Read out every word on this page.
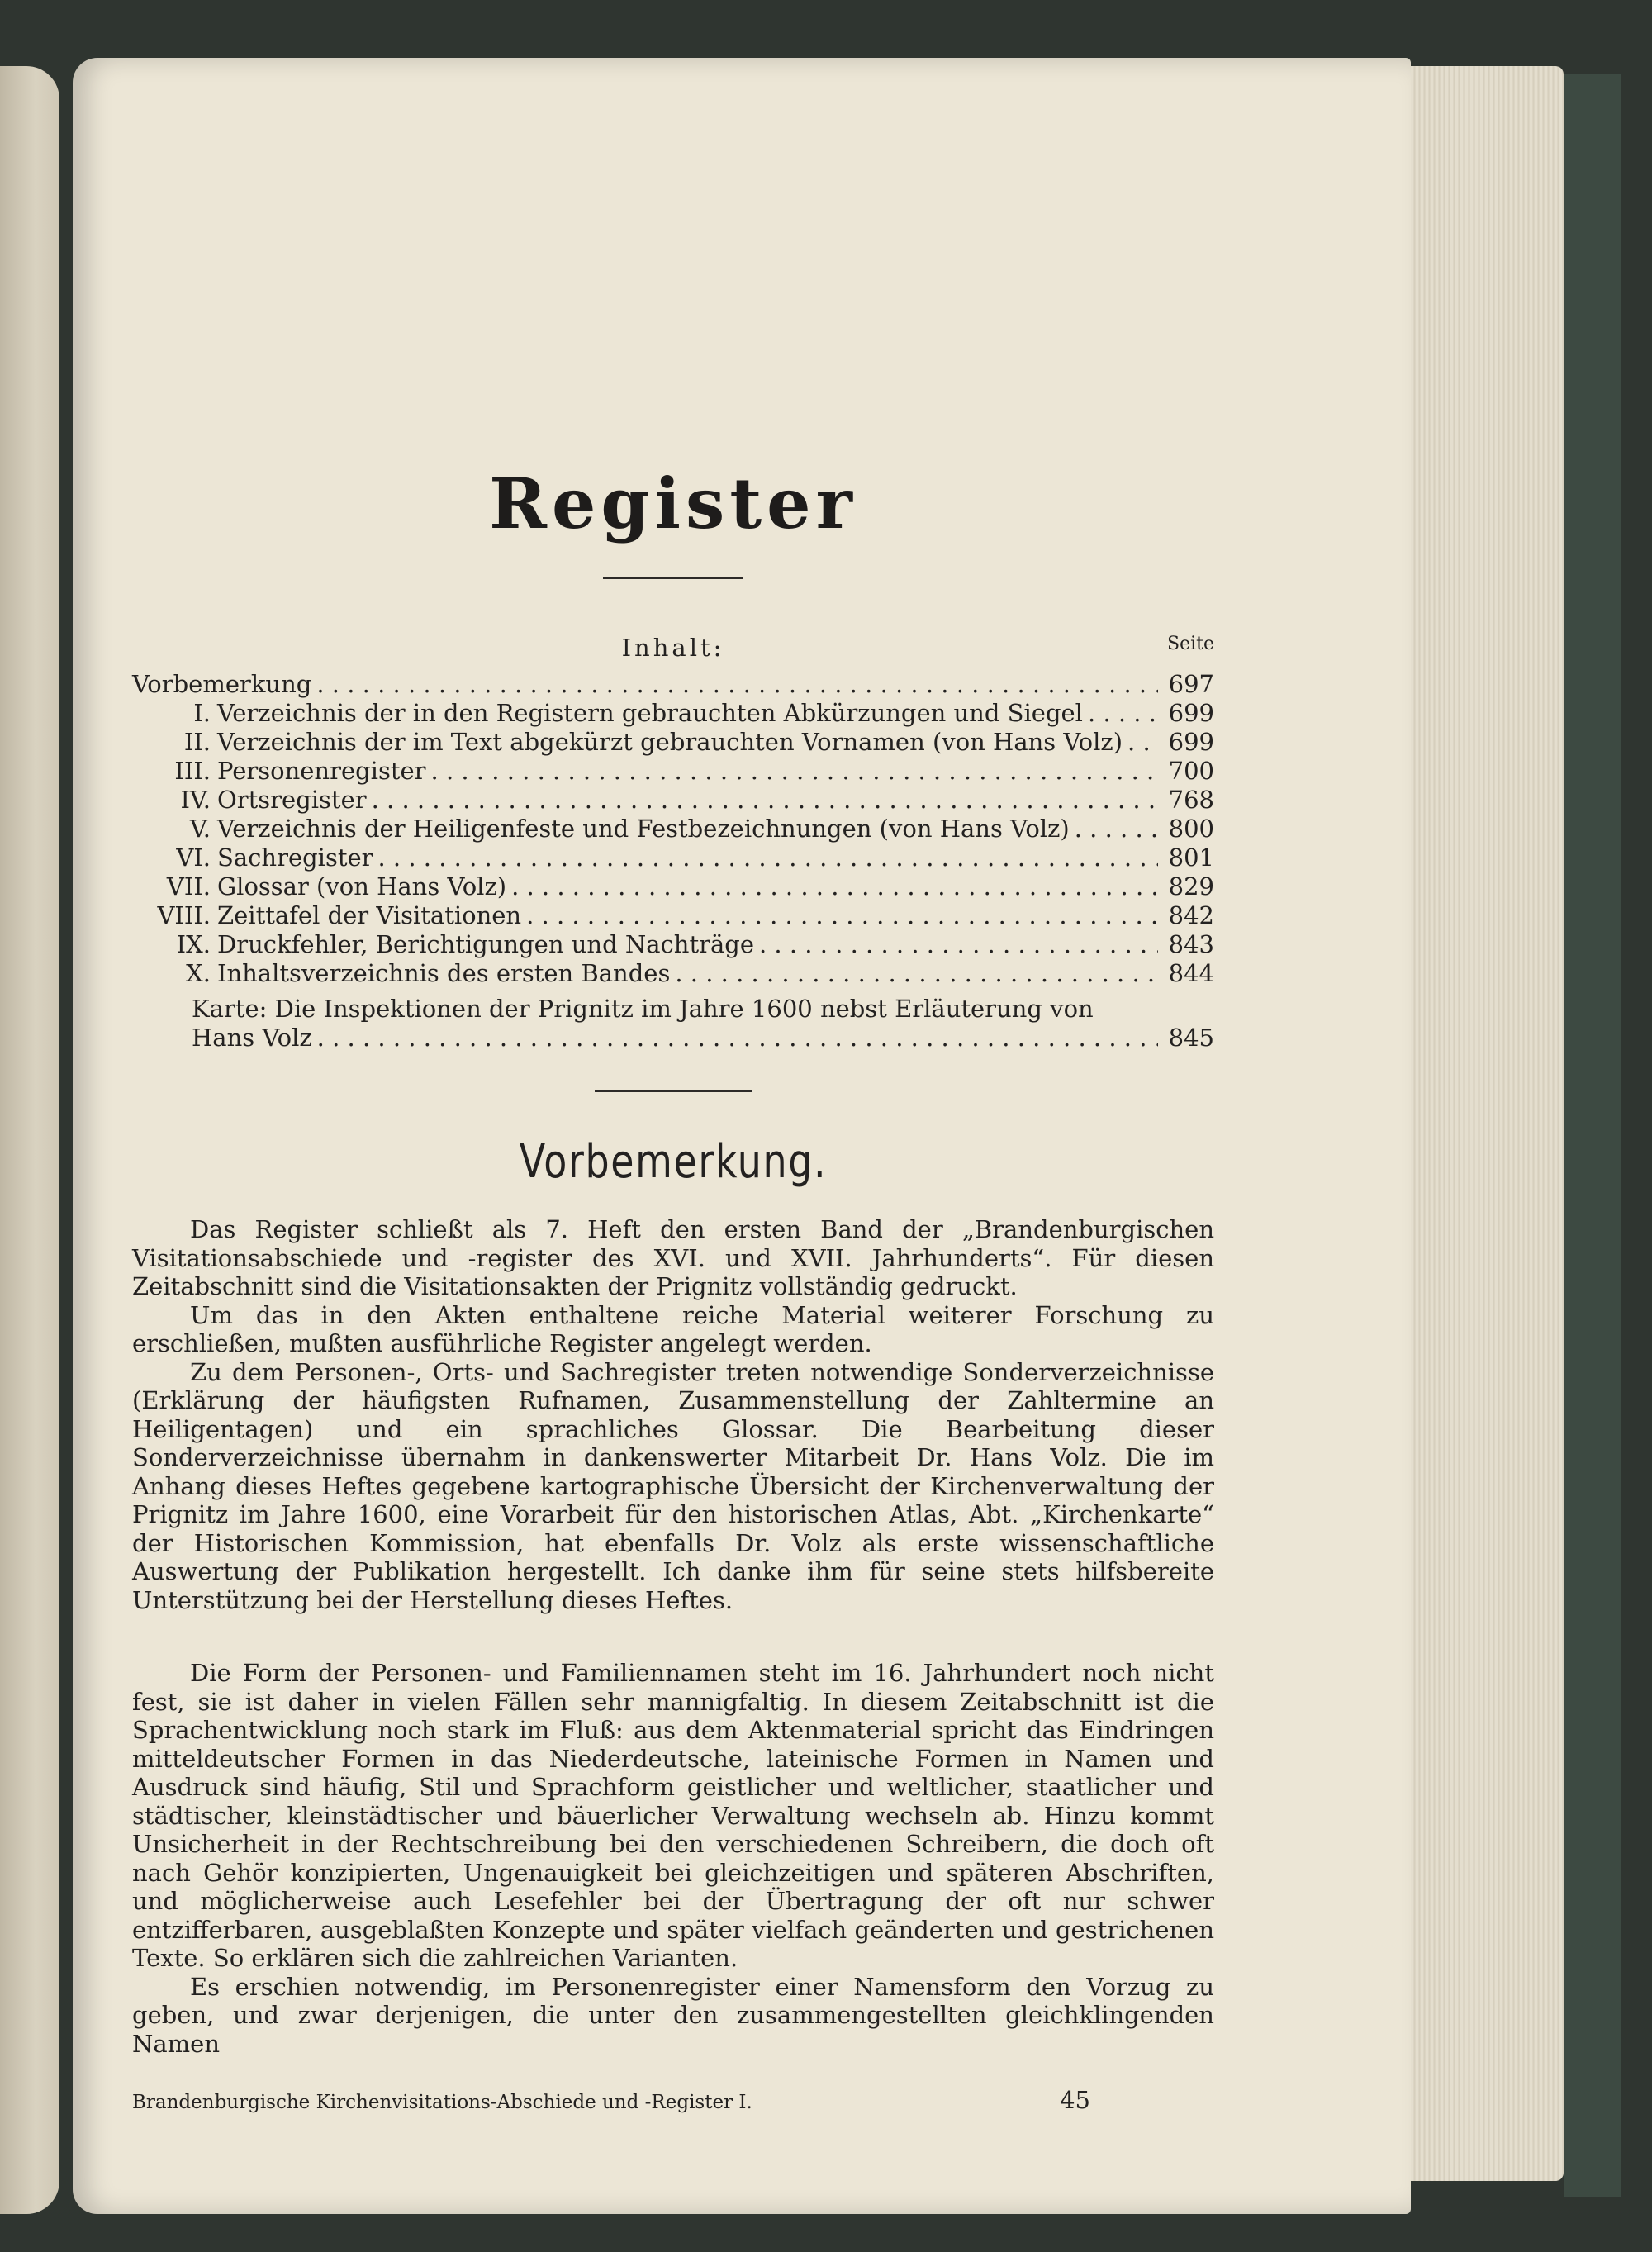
Register
Inhalt:	Seite
Vorbemerkung . . .	697
I. Verzeichnis der in den Registern gebrauchten Abkürzungen und Siegel . . .	699
II. Verzeichnis der im Text abgekürzt gebrauchten Vornamen (von Hans Volz) . . . 699
III. Personenregister . . .	700
IV. Ortsregister . . .	768
V. Verzeichnis der Heiligenfeste und Festbezeichnungen (von Hans Volz) . . .	800
VI. Sachregister . . .	801
VII. Glossar (von Hans Volz) . . .	829
VIII. Zeittafel der Visitationen . . .	842
IX. Druckfehler, Berichtigungen und Nachträge . . .	843
X. Inhaltsverzeichnis des ersten Bandes . . .	844
Karte: Die Inspektionen der Prignitz im Jahre 1600 nebst Erläuterung von
Hans Volz . . .	845
Vorbemerkung.

Das Register schließt als 7. Heft den ersten Band der „Brandenburgischen Visitationsabschiede und -register des XVI. und XVII. Jahrhunderts“. Für diesen Zeitabschnitt sind die Visitationsakten der Prignitz vollständig gedruckt.

Um das in den Akten enthaltene reiche Material weiterer Forschung zu erschließen, mußten ausführliche Register angelegt werden.

Zu dem Personen-, Orts- und Sachregister treten notwendige Sonderverzeichnisse (Erklärung der häufigsten Rufnamen, Zusammenstellung der Zahltermine an Heiligentagen) und ein sprachliches Glossar. Die Bearbeitung dieser Sonderverzeichnisse übernahm in dankenswerter Mitarbeit Dr. Hans Volz. Die im Anhang dieses Heftes gegebene kartographische Übersicht der Kirchenverwaltung der Prignitz im Jahre 1600, eine Vorarbeit für den historischen Atlas, Abt. „Kirchenkarte“ der Historischen Kommission, hat ebenfalls Dr. Volz als erste wissenschaftliche Auswertung der Publikation hergestellt. Ich danke ihm für seine stets hilfsbereite Unterstützung bei der Herstellung dieses Heftes.

Die Form der Personen- und Familiennamen steht im 16. Jahrhundert noch nicht fest, sie ist daher in vielen Fällen sehr mannigfaltig. In diesem Zeitabschnitt ist die Sprachentwicklung noch stark im Fluß: aus dem Aktenmaterial spricht das Eindringen mitteldeutscher Formen in das Niederdeutsche, lateinische Formen in Namen und Ausdruck sind häufig, Stil und Sprachform geistlicher und weltlicher, staatlicher und städtischer, kleinstädtischer und bäuerlicher Verwaltung wechseln ab. Hinzu kommt Unsicherheit in der Rechtschreibung bei den verschiedenen Schreibern, die doch oft nach Gehör konzipierten, Ungenauigkeit bei gleichzeitigen und späteren Abschriften, und möglicherweise auch Lesefehler bei der Übertragung der oft nur schwer entzifferbaren, ausgeblaßten Konzepte und später vielfach geänderten und gestrichenen Texte. So erklären sich die zahlreichen Varianten.

Es erschien notwendig, im Personenregister einer Namensform den Vorzug zu geben, und zwar derjenigen, die unter den zusammengestellten gleichklingenden Namen

Brandenburgische Kirchenvisitations-Abschiede und -Register I.	45
